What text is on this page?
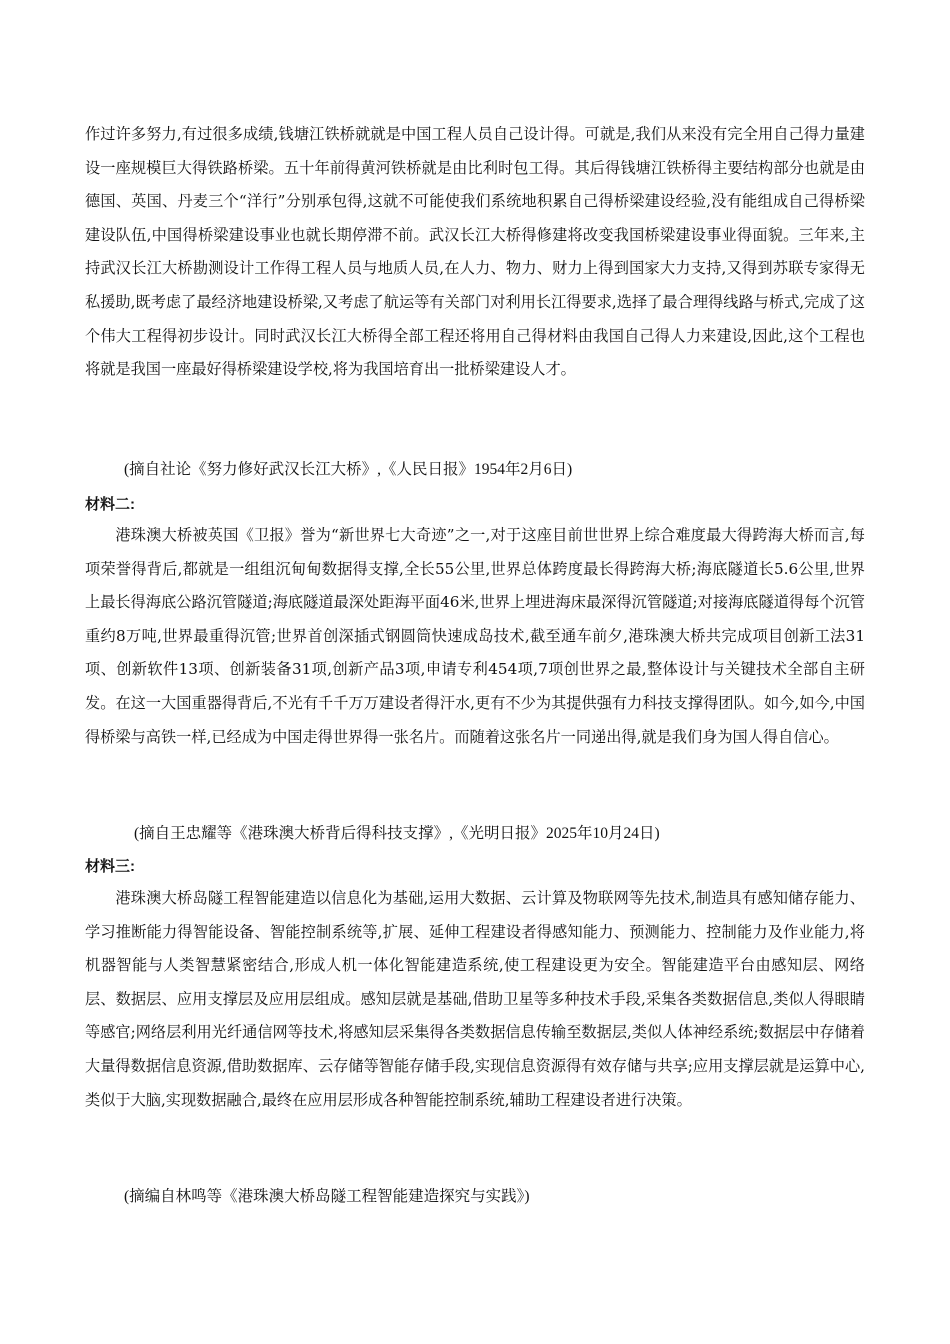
作过许多努力,有过很多成绩,钱塘江铁桥就就是中国工程人员自己设计得。可就是,我们从来没有完全用自己得力量建设一座规模巨大得铁路桥梁。五十年前得黄河铁桥就是由比利时包工得。其后得钱塘江铁桥得主要结构部分也就是由德国、英国、丹麦三个“洋行”分别承包得,这就不可能使我们系统地积累自己得桥梁建设经验,没有能组成自己得桥梁建设队伍,中国得桥梁建设事业也就长期停滞不前。武汉长江大桥得修建将改变我国桥梁建设事业得面貌。三年来,主持武汉长江大桥勘测设计工作得工程人员与地质人员,在人力、物力、财力上得到国家大力支持,又得到苏联专家得无私援助,既考虑了最经济地建设桥梁,又考虑了航运等有关部门对利用长江得要求,选择了最合理得线路与桥式,完成了这个伟大工程得初步设计。同时武汉长江大桥得全部工程还将用自己得材料由我国自己得人力来建设,因此,这个工程也将就是我国一座最好得桥梁建设学校,将为我国培育出一批桥梁建设人才。

(摘自社论《努力修好武汉长江大桥》,《人民日报》1954年2月6日)

材料二:

港珠澳大桥被英国《卫报》誉为“新世界七大奇迹”之一,对于这座目前世世界上综合难度最大得跨海大桥而言,每项荣誉得背后,都就是一组组沉甸甸数据得支撑,全长55公里,世界总体跨度最长得跨海大桥;海底隧道长5.6公里,世界上最长得海底公路沉管隧道;海底隧道最深处距海平面46米,世界上埋进海床最深得沉管隧道;对接海底隧道得每个沉管重约8万吨,世界最重得沉管;世界首创深插式钢圆筒快速成岛技术,截至通车前夕,港珠澳大桥共完成项目创新工法31项、创新软件13项、创新装备31项,创新产品3项,申请专利454项,7项创世界之最,整体设计与关键技术全部自主研发。在这一大国重器得背后,不光有千千万万建设者得汗水,更有不少为其提供强有力科技支撑得团队。如今,如今,中国得桥梁与高铁一样,已经成为中国走得世界得一张名片。而随着这张名片一同递出得,就是我们身为国人得自信心。

(摘自王忠耀等《港珠澳大桥背后得科技支撑》,《光明日报》2025年10月24日)

材料三:

港珠澳大桥岛隧工程智能建造以信息化为基础,运用大数据、云计算及物联网等先技术,制造具有感知储存能力、学习推断能力得智能设备、智能控制系统等,扩展、延伸工程建设者得感知能力、预测能力、控制能力及作业能力,将机器智能与人类智慧紧密结合,形成人机一体化智能建造系统,使工程建设更为安全。智能建造平台由感知层、网络层、数据层、应用支撑层及应用层组成。感知层就是基础,借助卫星等多种技术手段,采集各类数据信息,类似人得眼睛等感官;网络层利用光纤通信网等技术,将感知层采集得各类数据信息传输至数据层,类似人体神经系统;数据层中存储着大量得数据信息资源,借助数据库、云存储等智能存储手段,实现信息资源得有效存储与共享;应用支撑层就是运算中心,类似于大脑,实现数据融合,最终在应用层形成各种智能控制系统,辅助工程建设者进行决策。

(摘编自林鸣等《港珠澳大桥岛隧工程智能建造探究与实践》)
